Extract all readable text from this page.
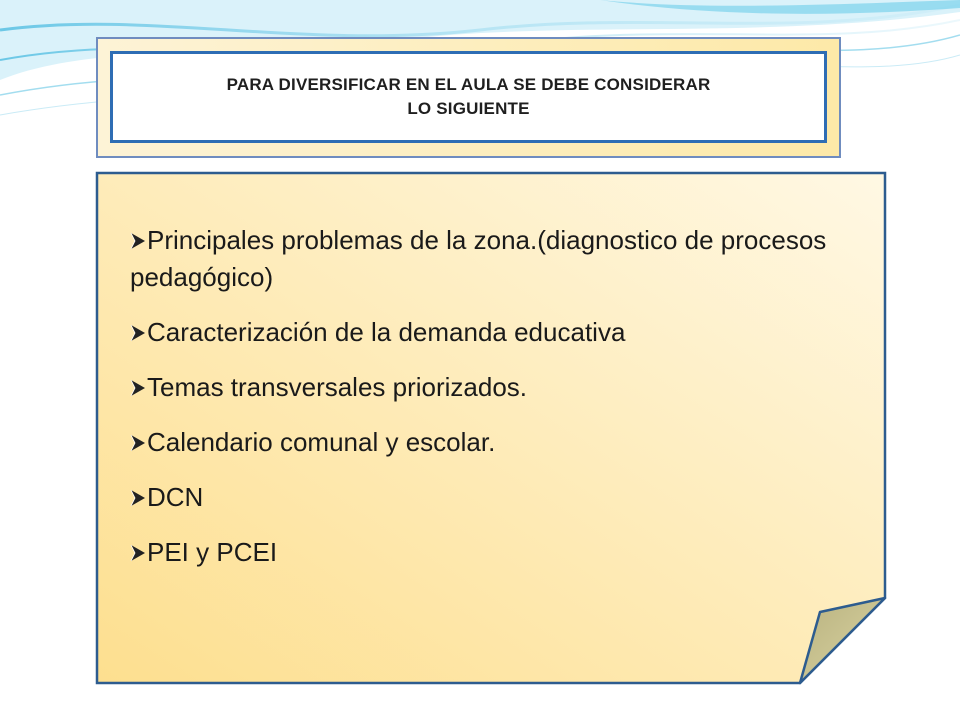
PARA DIVERSIFICAR EN EL AULA SE DEBE CONSIDERAR
LO SIGUIENTE
Principales problemas de la zona.(diagnostico de procesos pedagógico)
Caracterización de la demanda educativa
Temas transversales priorizados.
Calendario comunal y escolar.
DCN
PEI y PCEI
